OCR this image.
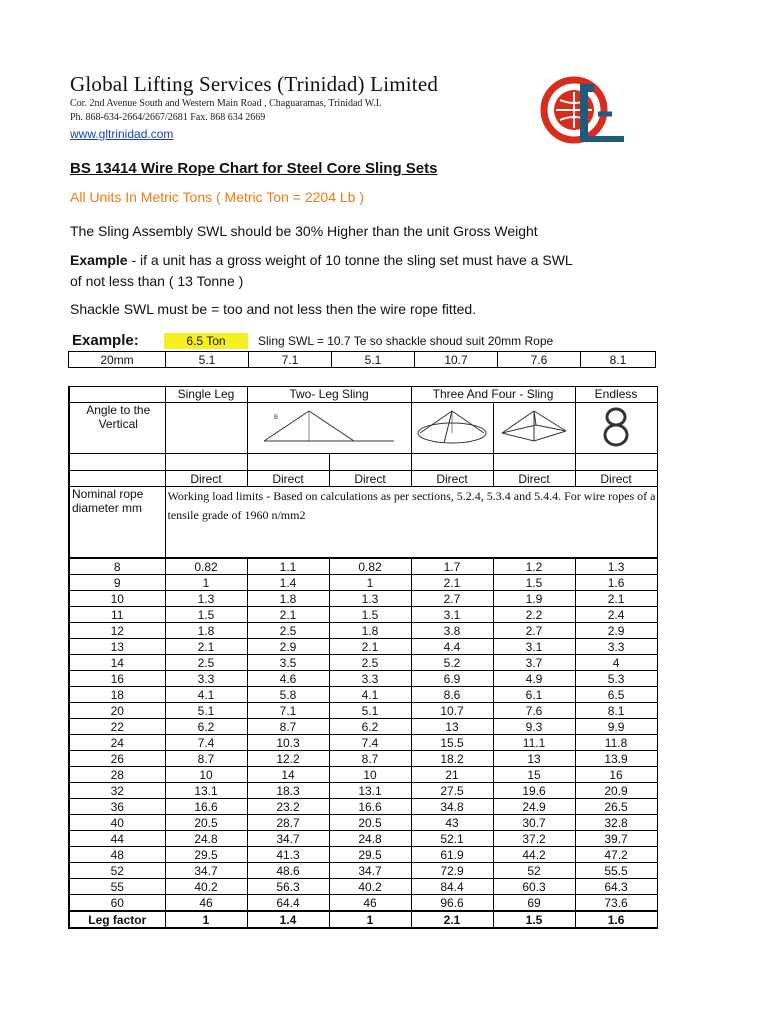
Global Lifting Services (Trinidad) Limited
Cor. 2nd Avenue South and Western Main Road , Chaguaramas, Trinidad W.I.
Ph. 868-634-2664/2667/2681 Fax. 868 634 2669
www.gltrinidad.com
BS 13414 Wire Rope Chart for Steel Core Sling Sets
All Units In Metric Tons ( Metric Ton = 2204 Lb )
The Sling Assembly SWL should be 30% Higher than the unit Gross Weight
Example - if a unit has a gross weight of 10 tonne the sling set must have a SWL
of not less than ( 13 Tonne )
Shackle SWL must be = too and not less then the wire rope fitted.
Example:	6.5 Ton	Sling SWL = 10.7 Te so shackle shoud suit 20mm Rope
20mm	5.1	7.1	5.1	10.7	7.6	8.1
	Single Leg	Two- Leg Sling		Three And Four - Sling		Endless
Angle to the Vertical		B

	Direct	Direct	Direct	Direct	Direct	Direct
Nominal rope diameter mm	Working load limits - Based on calculations as per sections, 5.2.4, 5.3.4 and 5.4.4. For wire ropes of a tensile grade of 1960 n/mm2					
8	0.82	1.1	0.82	1.7	1.2	1.3
9	1	1.4	1	2.1	1.5	1.6
10	1.3	1.8	1.3	2.7	1.9	2.1
11	1.5	2.1	1.5	3.1	2.2	2.4
12	1.8	2.5	1.8	3.8	2.7	2.9
13	2.1	2.9	2.1	4.4	3.1	3.3
14	2.5	3.5	2.5	5.2	3.7	4
16	3.3	4.6	3.3	6.9	4.9	5.3
18	4.1	5.8	4.1	8.6	6.1	6.5
20	5.1	7.1	5.1	10.7	7.6	8.1
22	6.2	8.7	6.2	13	9.3	9.9
24	7.4	10.3	7.4	15.5	11.1	11.8
26	8.7	12.2	8.7	18.2	13	13.9
28	10	14	10	21	15	16
32	13.1	18.3	13.1	27.5	19.6	20.9
36	16.6	23.2	16.6	34.8	24.9	26.5
40	20.5	28.7	20.5	43	30.7	32.8
44	24.8	34.7	24.8	52.1	37.2	39.7
48	29.5	41.3	29.5	61.9	44.2	47.2
52	34.7	48.6	34.7	72.9	52	55.5
55	40.2	56.3	40.2	84.4	60.3	64.3
60	46	64.4	46	96.6	69	73.6
Leg factor	1	1.4	1	2.1	1.5	1.6
